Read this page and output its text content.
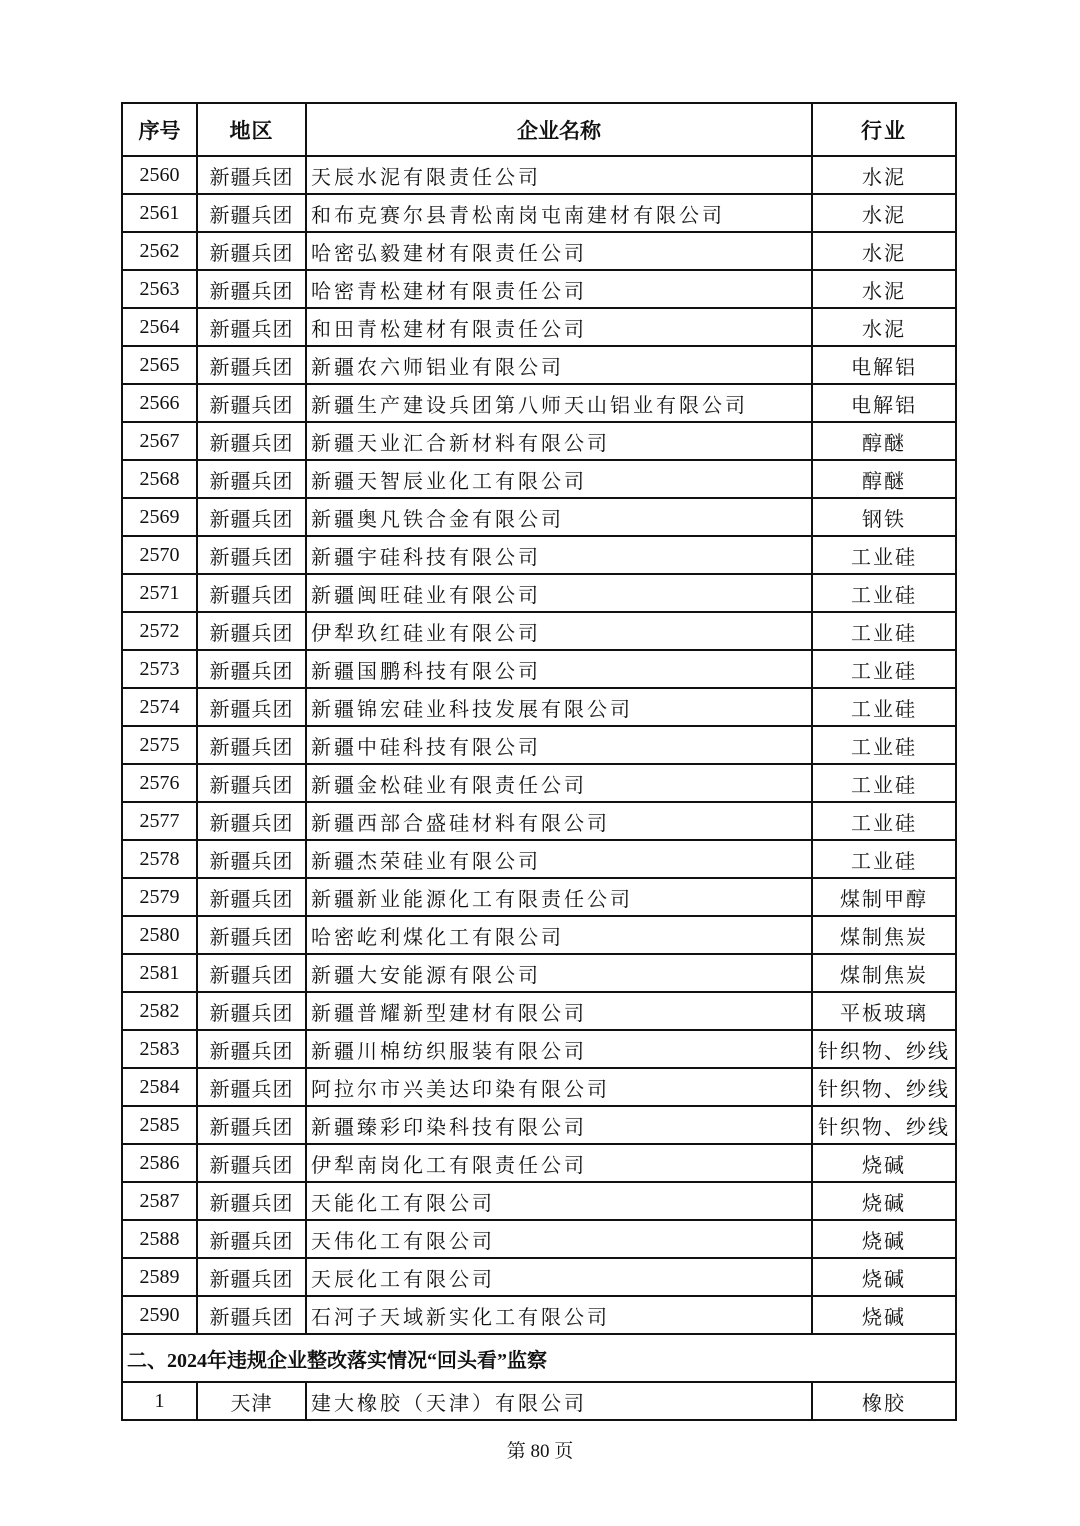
序号	地区	企业名称	行业
2560	新疆兵团	天辰水泥有限责任公司	水泥
2561	新疆兵团	和布克赛尔县青松南岗屯南建材有限公司	水泥
2562	新疆兵团	哈密弘毅建材有限责任公司	水泥
2563	新疆兵团	哈密青松建材有限责任公司	水泥
2564	新疆兵团	和田青松建材有限责任公司	水泥
2565	新疆兵团	新疆农六师铝业有限公司	电解铝
2566	新疆兵团	新疆生产建设兵团第八师天山铝业有限公司	电解铝
2567	新疆兵团	新疆天业汇合新材料有限公司	醇醚
2568	新疆兵团	新疆天智辰业化工有限公司	醇醚
2569	新疆兵团	新疆奥凡铁合金有限公司	钢铁
2570	新疆兵团	新疆宇硅科技有限公司	工业硅
2571	新疆兵团	新疆闽旺硅业有限公司	工业硅
2572	新疆兵团	伊犁玖红硅业有限公司	工业硅
2573	新疆兵团	新疆国鹏科技有限公司	工业硅
2574	新疆兵团	新疆锦宏硅业科技发展有限公司	工业硅
2575	新疆兵团	新疆中硅科技有限公司	工业硅
2576	新疆兵团	新疆金松硅业有限责任公司	工业硅
2577	新疆兵团	新疆西部合盛硅材料有限公司	工业硅
2578	新疆兵团	新疆杰荣硅业有限公司	工业硅
2579	新疆兵团	新疆新业能源化工有限责任公司	煤制甲醇
2580	新疆兵团	哈密屹利煤化工有限公司	煤制焦炭
2581	新疆兵团	新疆大安能源有限公司	煤制焦炭
2582	新疆兵团	新疆普耀新型建材有限公司	平板玻璃
2583	新疆兵团	新疆川棉纺织服装有限公司	针织物、纱线
2584	新疆兵团	阿拉尔市兴美达印染有限公司	针织物、纱线
2585	新疆兵团	新疆臻彩印染科技有限公司	针织物、纱线
2586	新疆兵团	伊犁南岗化工有限责任公司	烧碱
2587	新疆兵团	天能化工有限公司	烧碱
2588	新疆兵团	天伟化工有限公司	烧碱
2589	新疆兵团	天辰化工有限公司	烧碱
2590	新疆兵团	石河子天域新实化工有限公司	烧碱
二、2024年违规企业整改落实情况“回头看”监察			
1	天津	建大橡胶（天津）有限公司	橡胶
第 80 页
